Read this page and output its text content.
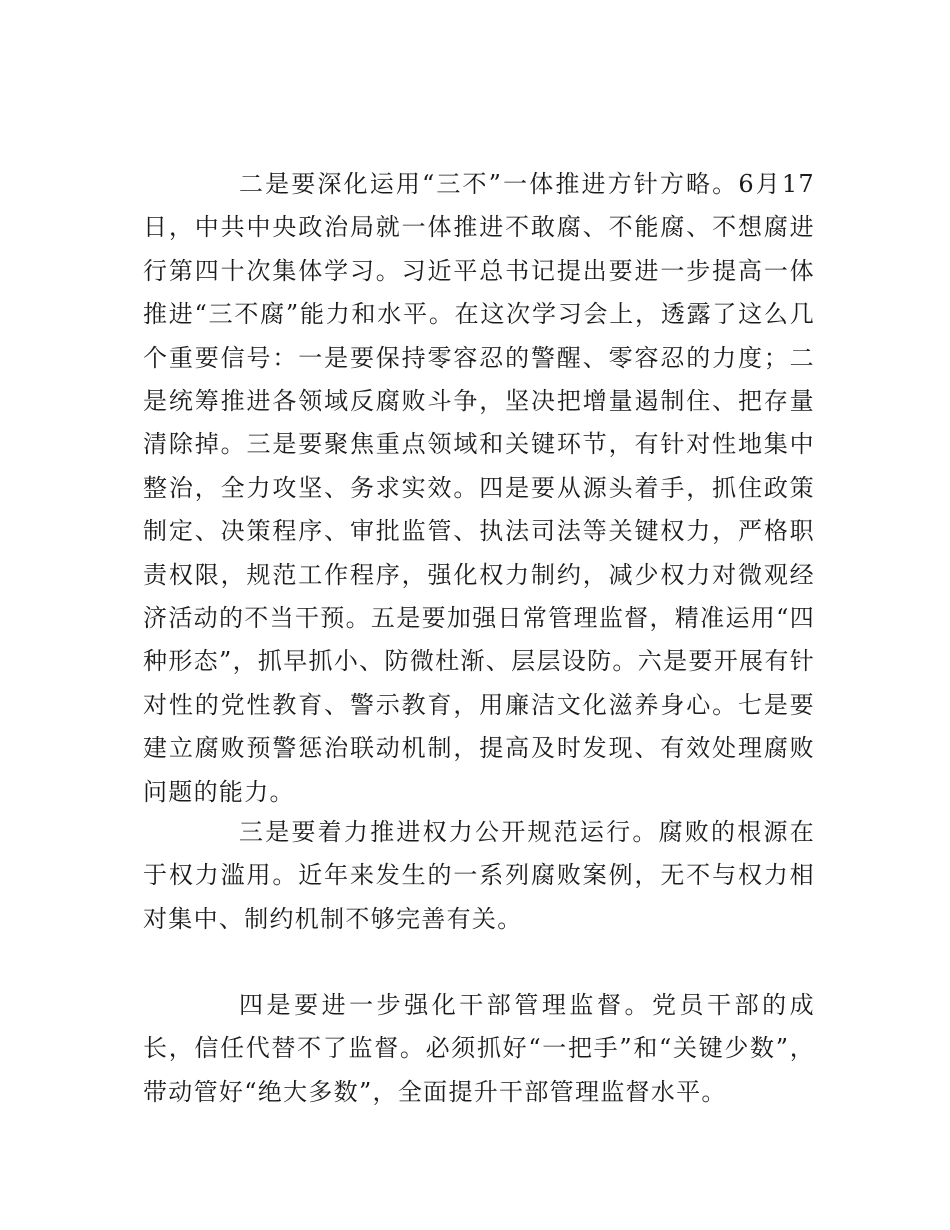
二是要深化运用“三不”一体推进方针方略。6月17日，中共中央政治局就一体推进不敢腐、不能腐、不想腐进行第四十次集体学习。习近平总书记提出要进一步提高一体推进“三不腐”能力和水平。在这次学习会上，透露了这么几个重要信号：一是要保持零容忍的警醒、零容忍的力度；二是统筹推进各领域反腐败斗争，坚决把增量遏制住、把存量清除掉。三是要聚焦重点领域和关键环节，有针对性地集中整治，全力攻坚、务求实效。四是要从源头着手，抓住政策制定、决策程序、审批监管、执法司法等关键权力，严格职责权限，规范工作程序，强化权力制约，减少权力对微观经济活动的不当干预。五是要加强日常管理监督，精准运用“四种形态”，抓早抓小、防微杜渐、层层设防。六是要开展有针对性的党性教育、警示教育，用廉洁文化滋养身心。七是要建立腐败预警惩治联动机制，提高及时发现、有效处理腐败问题的能力。

三是要着力推进权力公开规范运行。腐败的根源在于权力滥用。近年来发生的一系列腐败案例，无不与权力相对集中、制约机制不够完善有关。

四是要进一步强化干部管理监督。党员干部的成长，信任代替不了监督。必须抓好“一把手”和“关键少数”，带动管好“绝大多数”，全面提升干部管理监督水平。
